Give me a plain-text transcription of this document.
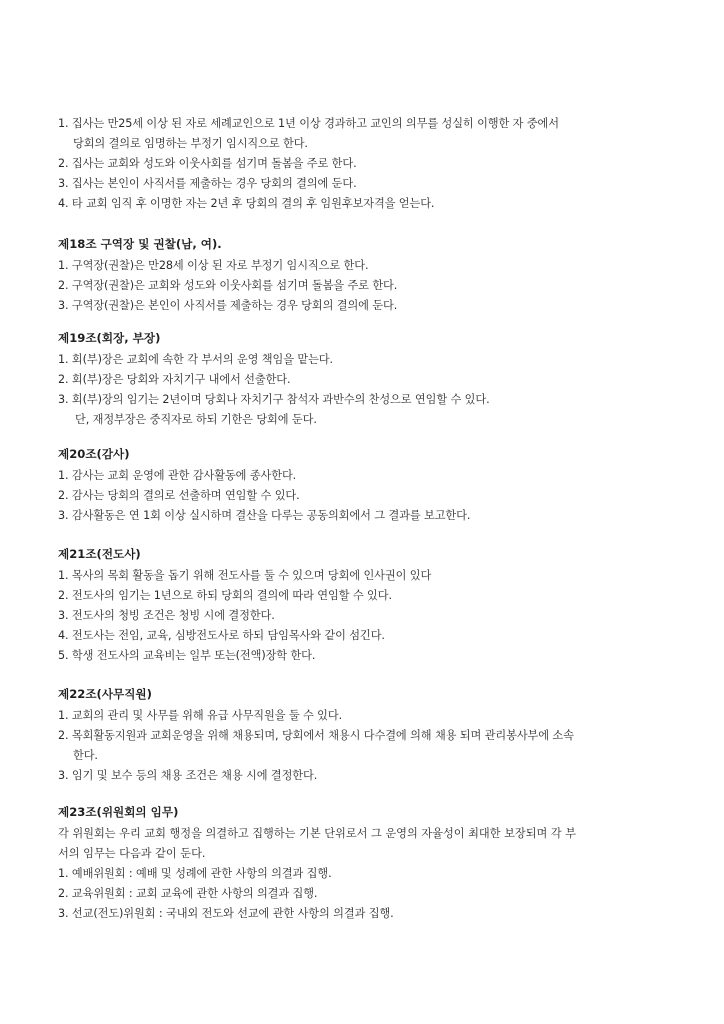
1. 집사는 만25세 이상 된 자로 세례교인으로 1년 이상 경과하고 교인의 의무를 성실히 이행한 자 중에서
당회의 결의로 임명하는 부정기 임시직으로 한다.
2. 집사는 교회와 성도와 이웃사회를 섬기며 돌봄을 주로 한다.
3. 집사는 본인이 사직서를 제출하는 경우 당회의 결의에 둔다.
4. 타 교회 임직 후 이명한 자는 2년 후 당회의 결의 후 임원후보자격을 얻는다.
제18조 구역장 및 권찰(남, 여).
1. 구역장(권찰)은 만28세 이상 된 자로 부정기 임시직으로 한다.
2. 구역장(권찰)은 교회와 성도와 이웃사회를 섬기며 돌봄을 주로 한다.
3. 구역장(권찰)은 본인이 사직서를 제출하는 경우 당회의 결의에 둔다.
제19조(회장, 부장)
1. 회(부)장은 교회에 속한 각 부서의 운영 책임을 맡는다.
2. 회(부)장은 당회와 자치기구 내에서 선출한다.
3. 회(부)장의 임기는 2년이며 당회나 자치기구 참석자 과반수의 찬성으로 연임할 수 있다.
단, 재정부장은 중직자로 하되 기한은 당회에 둔다.
제20조(감사)
1. 감사는 교회 운영에 관한 감사활동에 종사한다.
2. 감사는 당회의 결의로 선출하며 연임할 수 있다.
3. 감사활동은 연 1회 이상 실시하며 결산을 다루는 공동의회에서 그 결과를 보고한다.
제21조(전도사)
1. 목사의 목회 활동을 돕기 위해 전도사를 둘 수 있으며 당회에 인사권이 있다
2. 전도사의 임기는 1년으로 하되 당회의 결의에 따라 연임할 수 있다.
3. 전도사의 청빙 조건은 청빙 시에 결정한다.
4. 전도사는 전임, 교육, 심방전도사로 하되 담임목사와 같이 섬긴다.
5. 학생 전도사의 교육비는 일부 또는(전액)장학 한다.
제22조(사무직원)
1. 교회의 관리 및 사무를 위해 유급 사무직원을 둘 수 있다.
2. 목회활동지원과 교회운영을 위해 채용되며, 당회에서 채용시 다수결에 의해 채용 되며 관리봉사부에 소속
한다.
3. 임기 및 보수 등의 채용 조건은 채용 시에 결정한다.
제23조(위원회의 임무)
각 위원회는 우리 교회 행정을 의결하고 집행하는 기본 단위로서 그 운영의 자율성이 최대한 보장되며 각 부
서의 임무는 다음과 같이 둔다.
1. 예배위원회 : 예배 및 성례에 관한 사항의 의결과 집행.
2. 교육위원회 : 교회 교육에 관한 사항의 의결과 집행.
3. 선교(전도)위원회 : 국내외 전도와 선교에 관한 사항의 의결과 집행.
